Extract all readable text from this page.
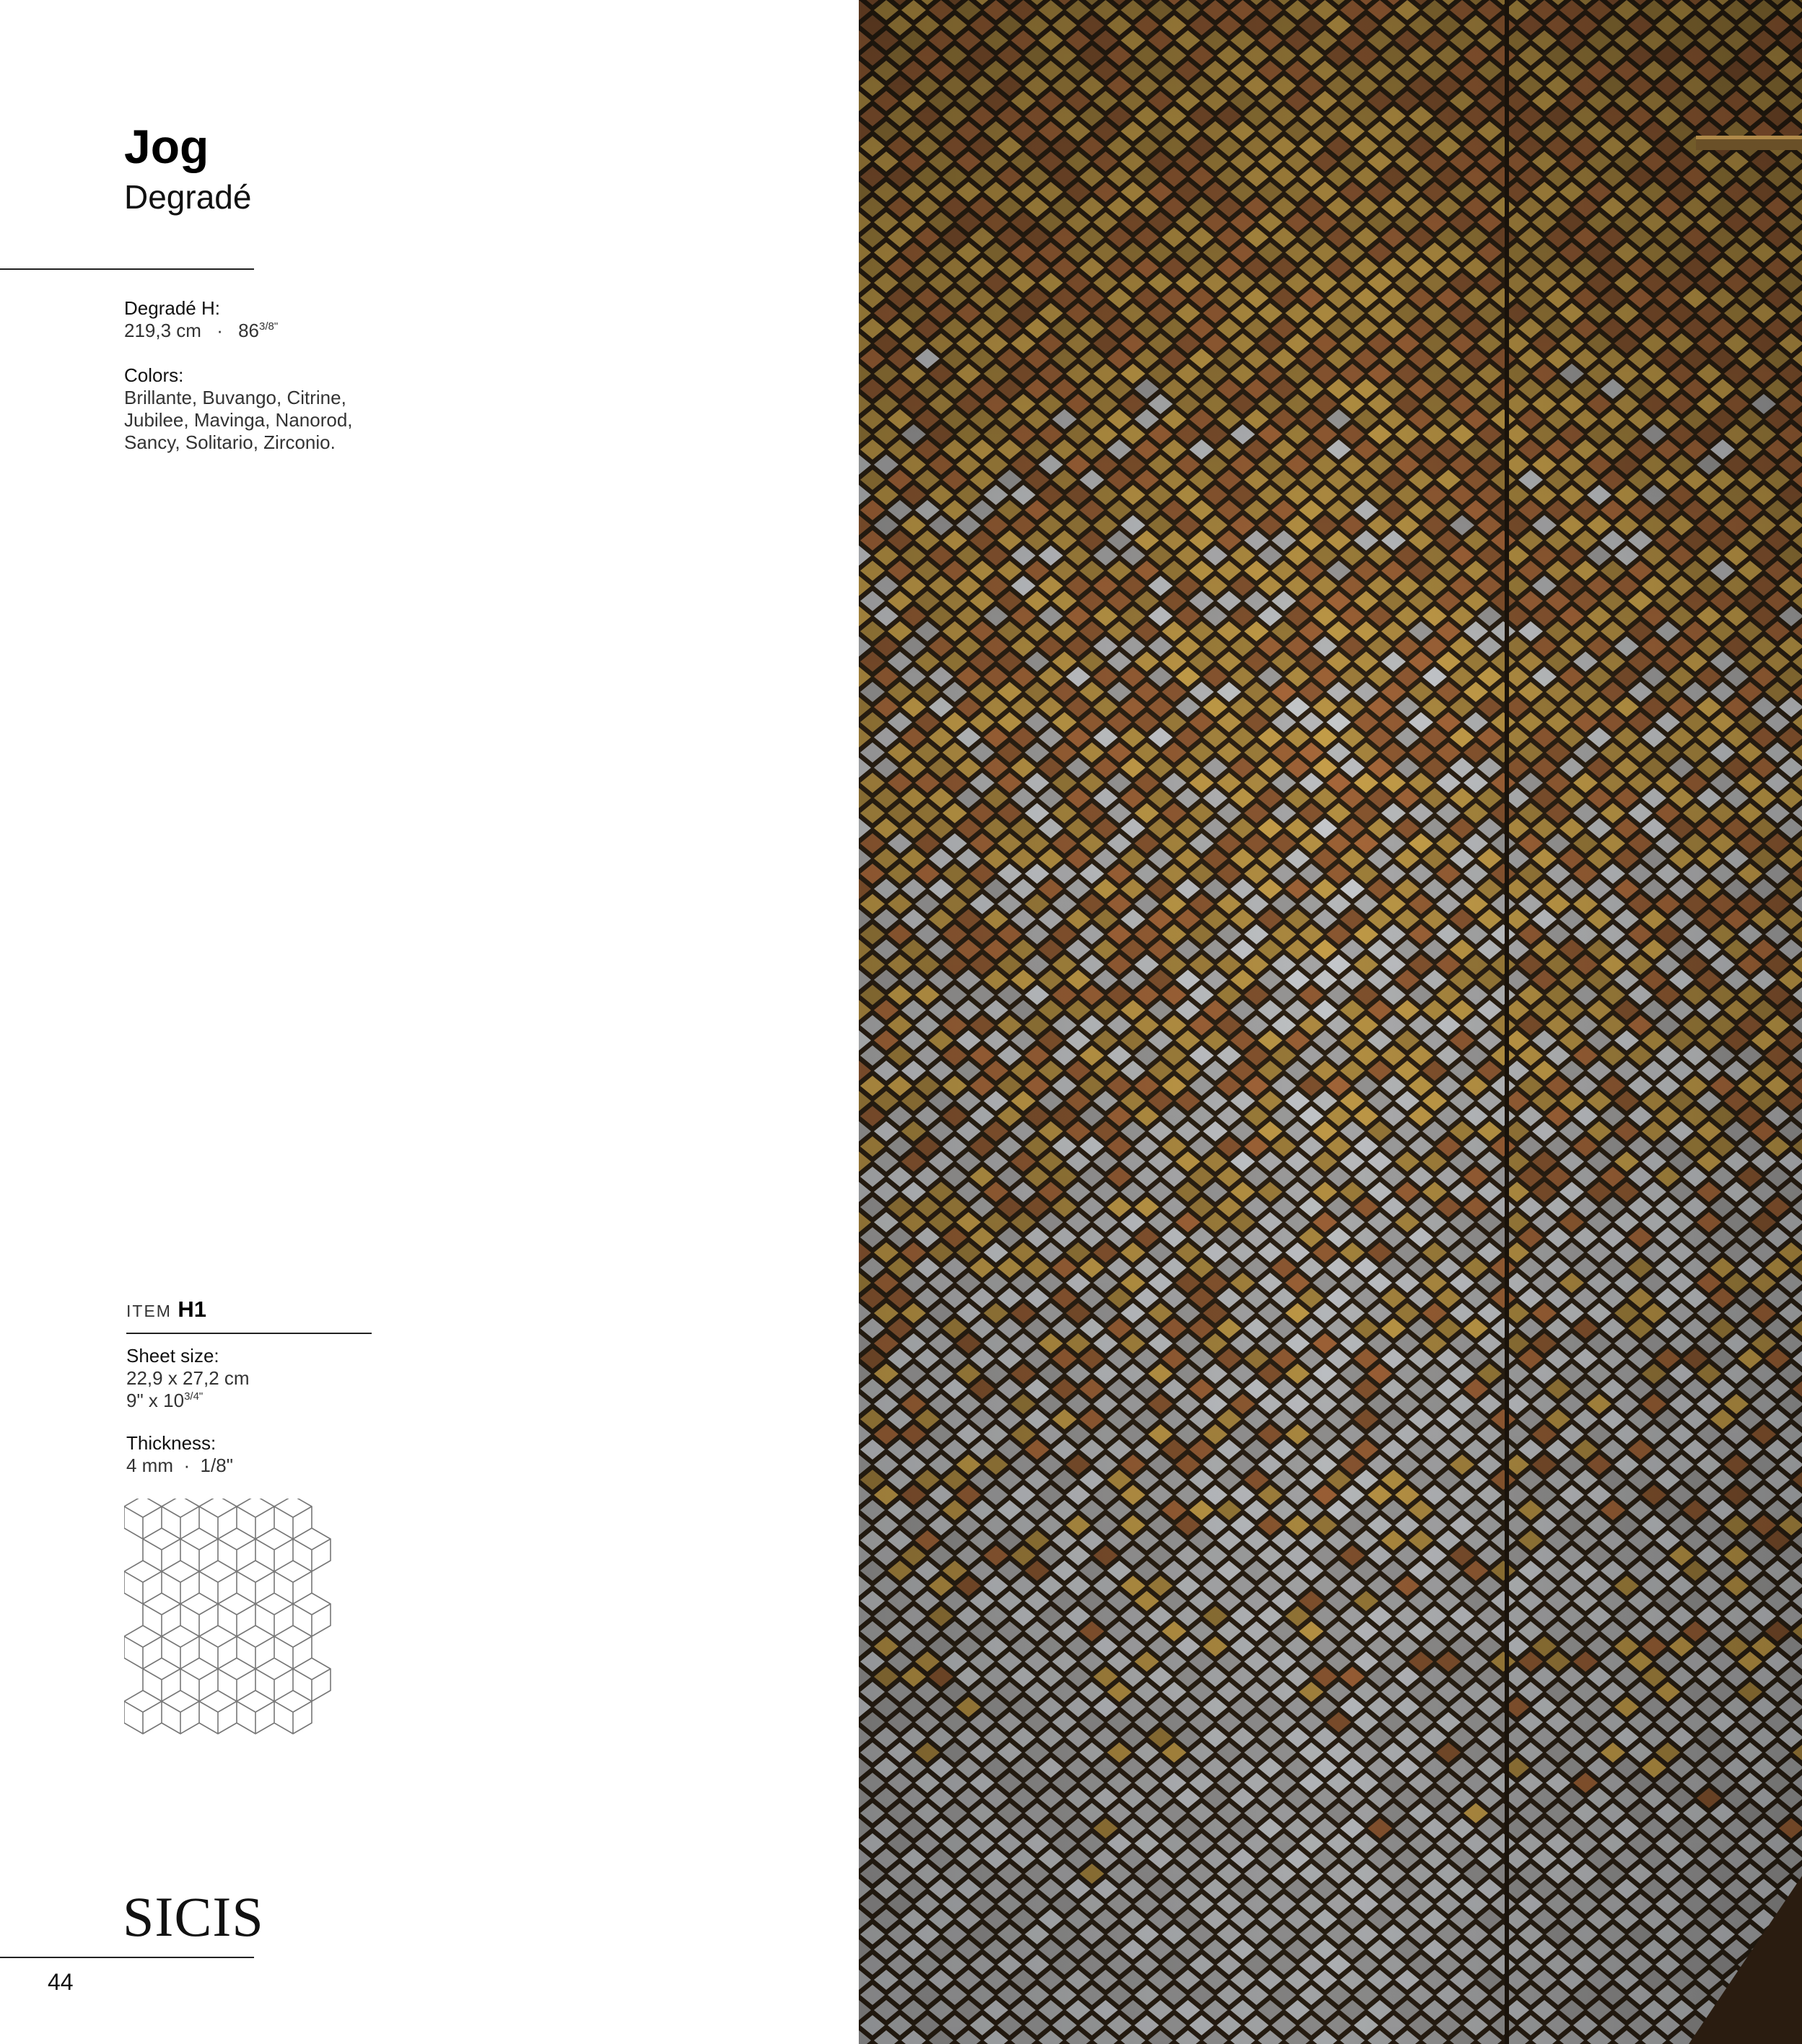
Jog
Degradé
Degradé H:
219,3 cm · $86^{3/8"}$
Colors:
Brillante, Buvango, Citrine,
Jubilee, Mavinga, Nanorod,
Sancy, Solitario, Zirconio.
ITEM H1
Sheet size:
22,9 x 27,2 cm
9" x $10^{3/4"}$
Thickness:
4 mm  ·  1/8"
SICIS
44
